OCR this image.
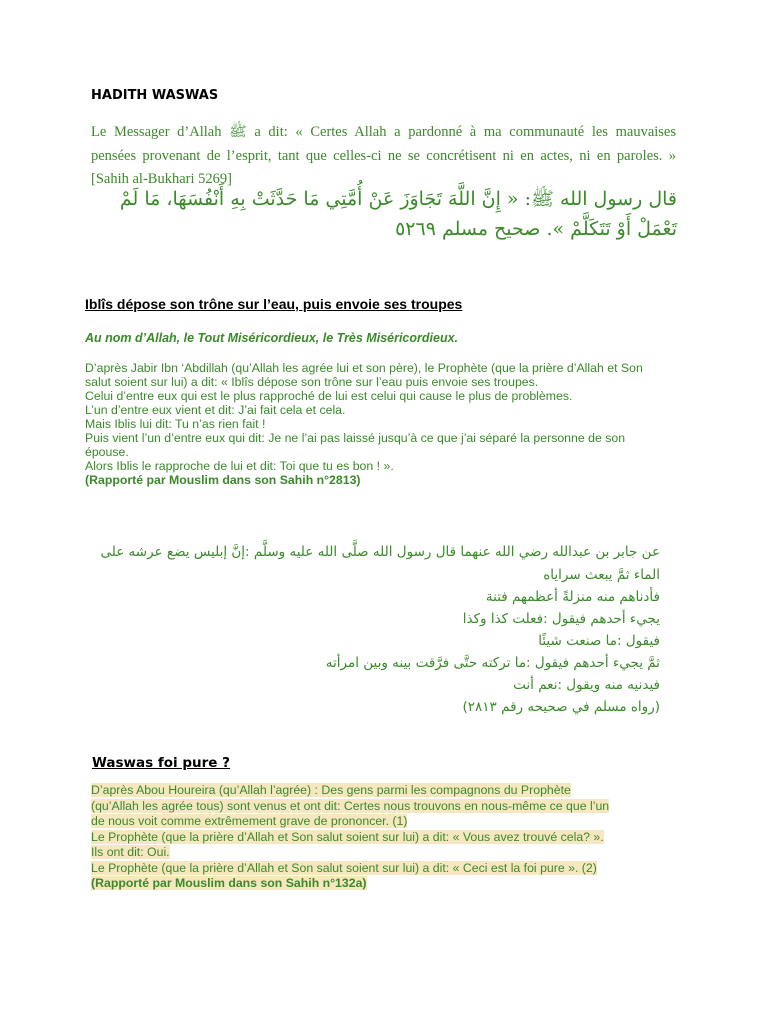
HADITH WASWAS
Le Messager d’Allah ﷺ a dit: « Certes Allah a pardonné à ma communauté les mauvaises
pensées provenant de l’esprit, tant que celles-ci ne se concrétisent ni en actes, ni en paroles. »
[Sahih al-Bukhari 5269]
قال رسول الله ﷺ: « إِنَّ اللَّهَ تَجَاوَزَ عَنْ أُمَّتِي مَا حَدَّثَتْ بِهِ أَنْفُسَهَا، مَا لَمْ تَعْمَلْ أَوْ تَتَكَلَّمْ ». صحيح مسلم ٥٢٦٩
Iblîs dépose son trône sur l’eau, puis envoie ses troupes
Au nom d’Allah, le Tout Miséricordieux, le Très Miséricordieux.
D’après Jabir Ibn ‘Abdillah (qu’Allah les agrée lui et son père), le Prophète (que la prière d’Allah et Son
salut soient sur lui) a dit: « Iblîs dépose son trône sur l’eau puis envoie ses troupes.
Celui d’entre eux qui est le plus rapproché de lui est celui qui cause le plus de problèmes.
L’un d’entre eux vient et dit: J’ai fait cela et cela.
Mais Iblis lui dit: Tu n’as rien fait !
Puis vient l’un d’entre eux qui dit: Je ne l’ai pas laissé jusqu’à ce que j’ai séparé la personne de son
épouse.
Alors Iblis le rapproche de lui et dit: Toi que tu es bon ! ».
(Rapporté par Mouslim dans son Sahih n°2813)
عن جابر بن عبدالله رضي الله عنهما قال رسول الله صلَّى الله عليه وسلَّم :إنَّ إبليس يضع عرشه على
الماء ثمَّ يبعث سراياه
فأدناهم منه منزلةً أعظمهم فتنة
يجيء أحدهم فيقول :فعلت كذا وكذا
فيقول :ما صنعت شيئًا
ثمَّ يجيء أحدهم فيقول :ما تركته حتَّى فرَّقت بينه وبين امرأته
فيدنيه منه ويقول :نعم أنت
(رواه مسلم في صحيحه رقم ٢٨١٣)
Waswas foi pure ?
D’après Abou Houreira (qu’Allah l’agrée) : Des gens parmi les compagnons du Prophète
(qu’Allah les agrée tous) sont venus et ont dit: Certes nous trouvons en nous-même ce que l’un
de nous voit comme extrêmement grave de prononcer. (1)
Le Prophète (que la prière d’Allah et Son salut soient sur lui) a dit: « Vous avez trouvé cela? ».
Ils ont dit: Oui.
Le Prophète (que la prière d’Allah et Son salut soient sur lui) a dit: « Ceci est la foi pure ». (2)
(Rapporté par Mouslim dans son Sahih n°132a)
